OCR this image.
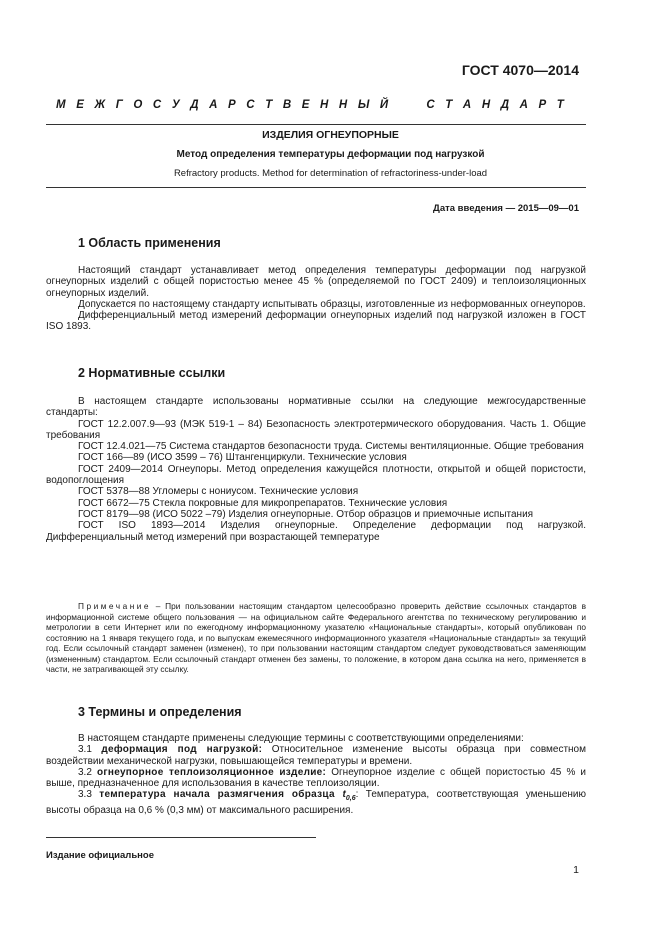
ГОСТ 4070—2014
М Е Ж Г О С У Д А Р С Т В Е Н Н Ы Й

	С Т А Н Д А Р Т
ИЗДЕЛИЯ ОГНЕУПОРНЫЕ
Метод определения температуры деформации под нагрузкой
Refractory products. Method for determination of refractoriness-under-load
Дата введения — 2015—09—01
1 Область применения

Настоящий стандарт устанавливает метод определения температуры деформации под нагрузкой огнеупорных изделий с общей пористостью менее 45 % (определяемой по ГОСТ 2409) и теплоизоляционных огнеупорных изделий.

Допускается по настоящему стандарту испытывать образцы, изготовленные из неформованных огнеупоров.

Дифференциальный метод измерений деформации огнеупорных изделий под нагрузкой изложен в ГОСТ ISO 1893.

2 Нормативные ссылки

В настоящем стандарте использованы нормативные ссылки на следующие межгосударственные стандарты:

ГОСТ 12.2.007.9—93 (МЭК 519-1 – 84) Безопасность электротермического оборудования. Часть 1. Общие требования

ГОСТ 12.4.021—75 Система стандартов безопасности труда. Системы вентиляционные. Общие требования

ГОСТ 166—89 (ИСО 3599 – 76) Штангенциркули. Технические условия

ГОСТ 2409—2014 Огнеупоры. Метод определения кажущейся плотности, открытой и общей пористости, водопоглощения

ГОСТ 5378—88 Угломеры с нониусом. Технические условия

ГОСТ 6672—75 Стекла покровные для микропрепаратов. Технические условия

ГОСТ 8179—98 (ИСО 5022 –79) Изделия огнеупорные. Отбор образцов и приемочные испытания

ГОСТ ISO 1893—2014 Изделия огнеупорные. Определение деформации под нагрузкой. Дифференциальный метод измерений при возрастающей температуре

Примечание – При пользовании настоящим стандартом целесообразно проверить действие ссылочных стандартов в информационной системе общего пользования — на официальном сайте Федерального агентства по техническому регулированию и метрологии в сети Интернет или по ежегодному информационному указателю «Национальные стандарты», который опубликован по состоянию на 1 января текущего года, и по выпускам ежемесячного информационного указателя «Национальные стандарты» за текущий год. Если ссылочный стандарт заменен (изменен), то при пользовании настоящим стандартом следует руководствоваться заменяющим (измененным) стандартом. Если ссылочный стандарт отменен без замены, то положение, в котором дана ссылка на него, применяется в части, не затрагивающей эту ссылку.
3 Термины и определения

В настоящем стандарте применены следующие термины с соответствующими определениями:

3.1 деформация под нагрузкой: Относительное изменение высоты образца при совместном воздействии механической нагрузки, повышающейся температуры и времени.

3.2 огнеупорное теплоизоляционное изделие: Огнеупорное изделие с общей пористостью 45 % и выше, предназначенное для использования в качестве теплоизоляции.

3.3 температура начала размягчения образца $t_{0,6}$: Температура, соответствующая уменьшению высоты образца на 0,6 % (0,3 мм) от максимального расширения.

Издание официальное
1
